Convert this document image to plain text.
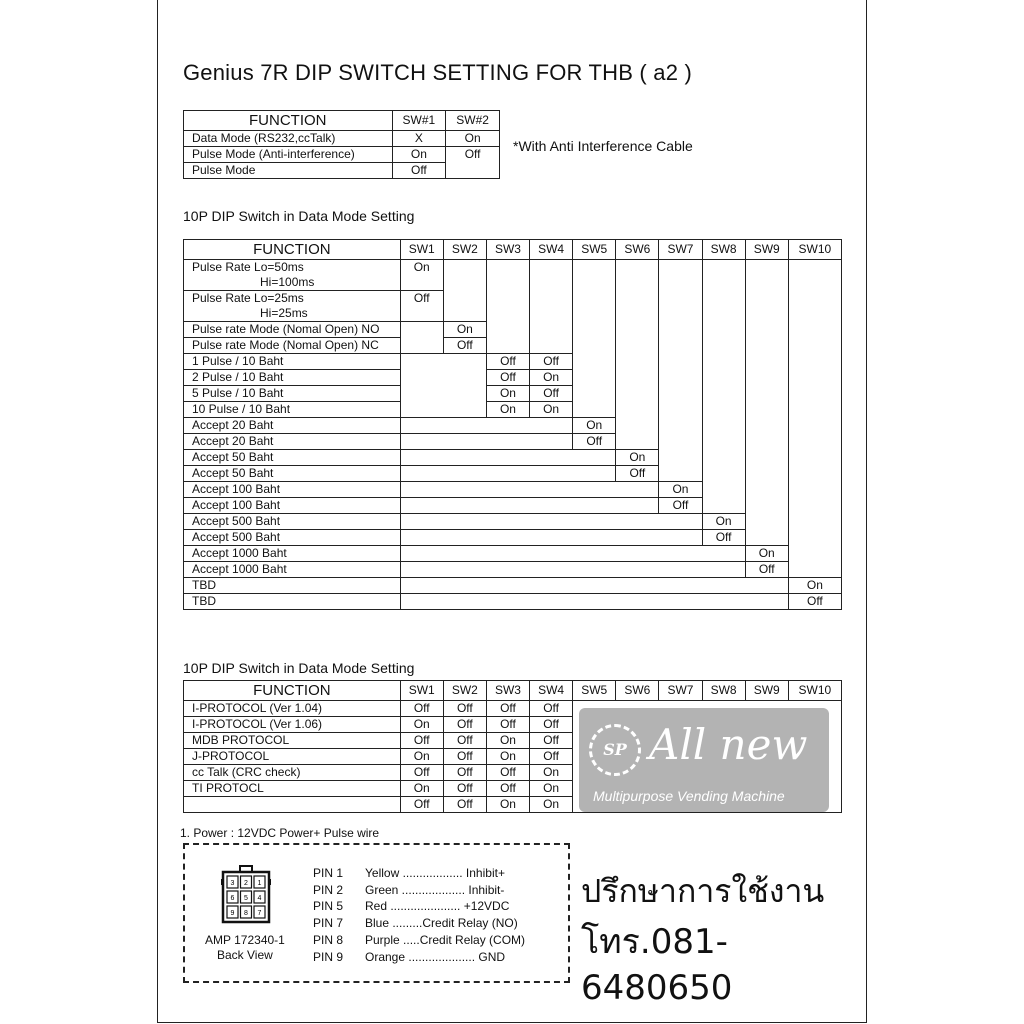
Genius 7R DIP SWITCH SETTING FOR THB ( a2 )
FUNCTION	SW#1	SW#2
Data Mode (RS232,ccTalk)	X	On
Pulse Mode (Anti-interference)	On	Off
Pulse Mode	Off	
*With Anti Interference Cable
10P DIP Switch in Data Mode Setting
FUNCTION	SW1	SW2	SW3	SW4	SW5	SW6	SW7	SW8	SW9	SW10

Pulse Rate Lo=50ms
Hi=100ms	On									

Pulse Rate Lo=25ms
Hi=25ms	Off									
Pulse rate Mode (Nomal Open) NO		On								
Pulse rate Mode (Nomal Open) NC		Off								
1 Pulse / 10 Baht			Off	Off						
2 Pulse / 10 Baht			Off	On						
5 Pulse / 10 Baht			On	Off						
10 Pulse / 10 Baht			On	On						
Accept 20 Baht					On					
Accept 20 Baht					Off					
Accept 50 Baht						On				
Accept 50 Baht						Off				
Accept 100 Baht							On			
Accept 100 Baht							Off			
Accept 500 Baht								On		
Accept 500 Baht								Off		
Accept 1000 Baht									On	
Accept 1000 Baht									Off	
TBD										On
TBD										Off
10P DIP Switch in Data Mode Setting
FUNCTION	SW1	SW2	SW3	SW4	SW5	SW6	SW7	SW8	SW9	SW10
I-PROTOCOL (Ver 1.04)	Off	Off	Off	Off						
I-PROTOCOL (Ver 1.06)	On	Off	Off	Off						
MDB PROTOCOL	Off	Off	On	Off						
J-PROTOCOL	On	Off	On	Off						
cc Talk (CRC check)	Off	Off	Off	On						
TI PROTOCL	On	Off	Off	On						
	Off	Off	On	On						
SP All new
Multipurpose Vending Machine
1. Power : 12VDC Power+ Pulse wire
3 2 1
6 5 4
9 8 7
AMP 172340-1
Back View
PIN 1 Yellow .................. Inhibit+
PIN 2 Green ................... Inhibit-
PIN 5 Red ..................... +12VDC
PIN 7 Blue .........Credit Relay (NO)
PIN 8 Purple .....Credit Relay (COM)
PIN 9 Orange .................... GND
ปรึกษาการใช้งาน
โทร.081-6480650
